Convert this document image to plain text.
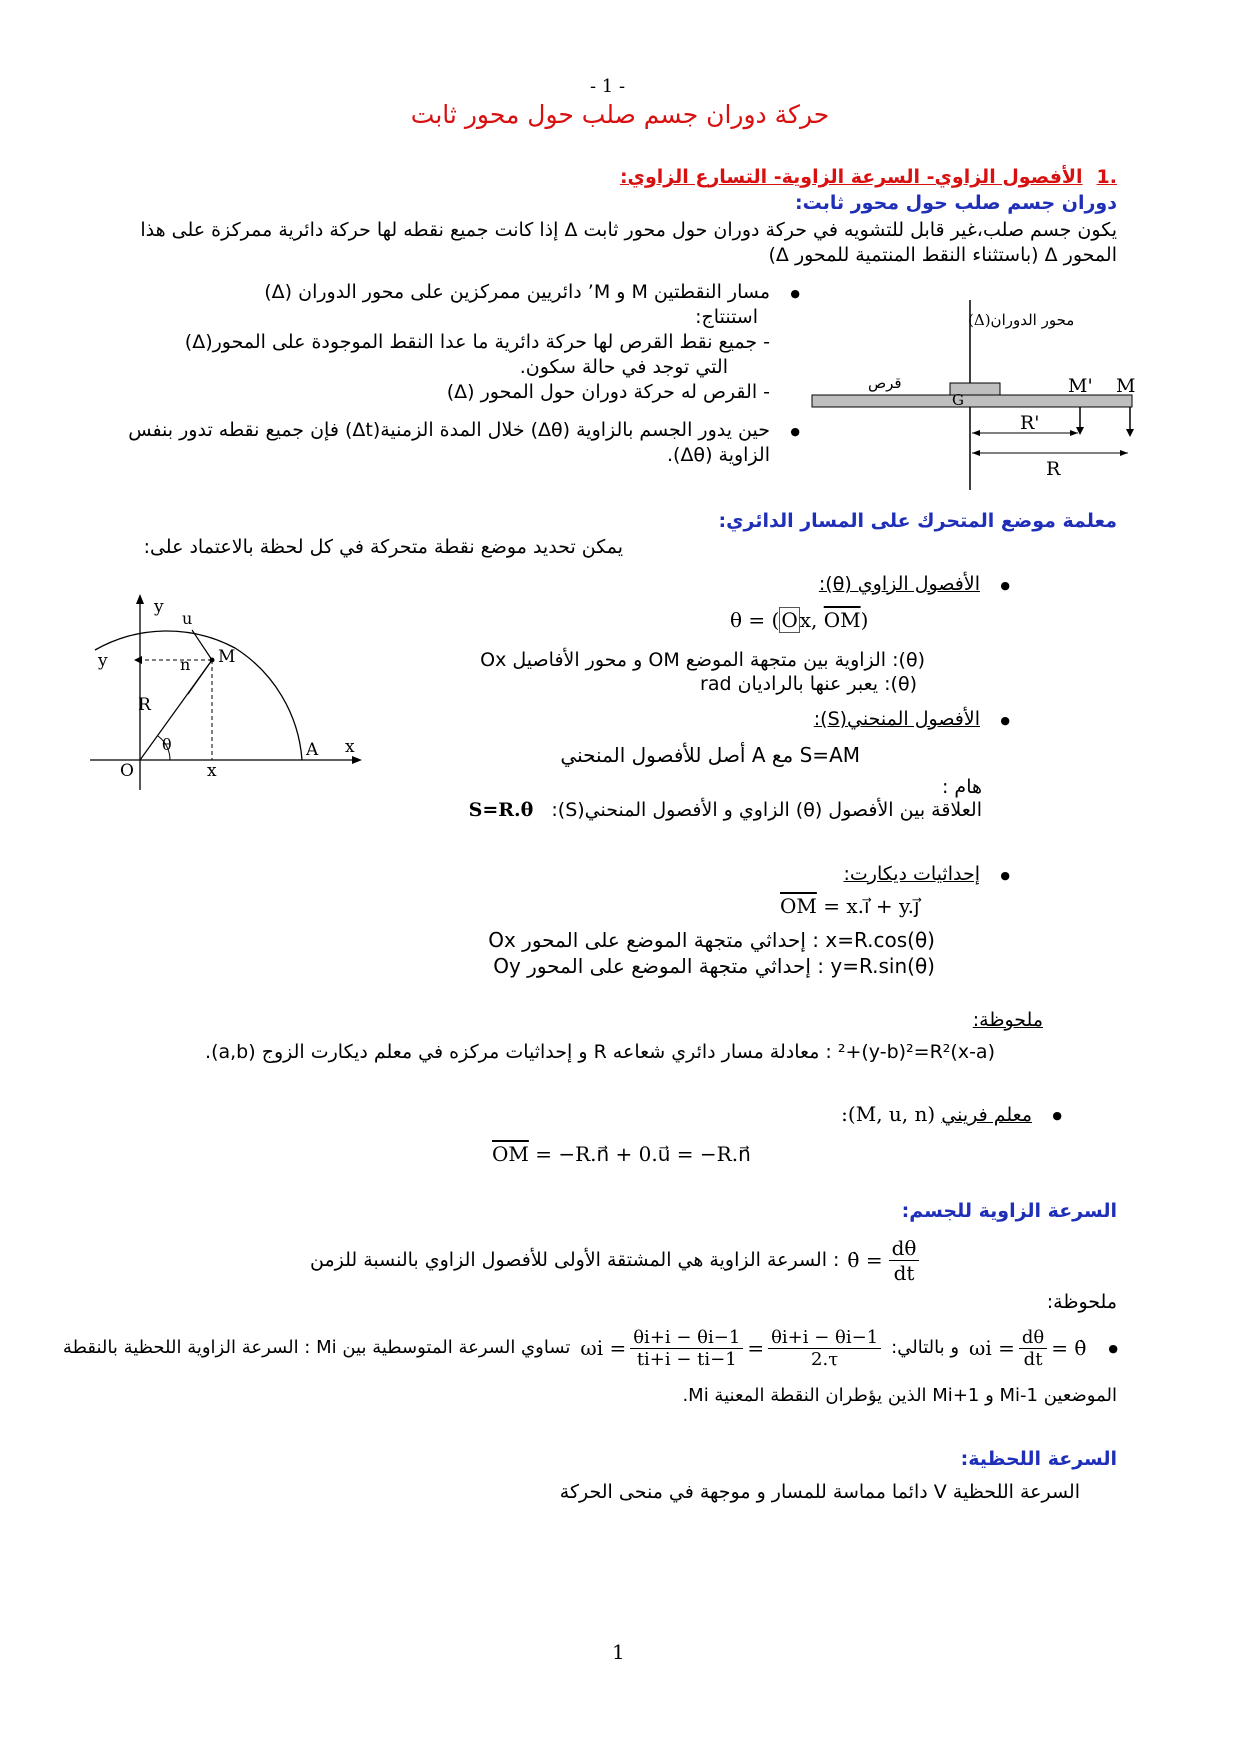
- 1 -
حركة دوران جسم صلب حول محور ثابت
.1الأفصول الزاوي- السرعة الزاوية- التسارع الزاوي:
دوران جسم صلب حول محور ثابت:
يكون جسم صلب،غير قابل للتشويه في حركة دوران حول محور ثابت Δ إذا كانت جميع نقطه لها حركة دائرية ممركزة على هذا
المحور Δ (باستثناء النقط المنتمية للمحور Δ)
● مسار النقطتين M و M’ دائريين ممركزين على محور الدوران (Δ)
استنتاج:
- جميع نقط القرص لها حركة دائرية ما عدا النقط الموجودة على المحور(Δ)
التي توجد في حالة سكون.
- القرص له حركة دوران حول المحور (Δ)
● حين يدور الجسم بالزاوية (Δθ) خلال المدة الزمنية(Δt) فإن جميع نقطه تدور بنفس
الزاوية (Δθ).
محور الدوران(Δ)
قرص
G
M' M
R'
R
معلمة موضع المتحرك على المسار الدائري:
يمكن تحديد موضع نقطة متحركة في كل لحظة بالاعتماد على:
● الأفصول الزاوي (θ):
θ = ( O x, $\overline{OM}$)
(θ): الزاوية بين متجهة الموضع OM و محور الأفاصيل Ox
(θ): يعبر عنها بالراديان rad
● الأفصول المنحني(S):
S=AM مع A أصل للأفصول المنحني
هام :
العلاقة بين الأفصول (θ) الزاوي و الأفصول المنحني(S): S=R.θ
y
x
u
n M
y
R
θ	A
O	x
● إحداثيات ديكارت:
$\overline{OM}$ = x.i⃗ + y.j⃗
x=R.cos(θ) : إحداثي متجهة الموضع على المحور Ox
y=R.sin(θ) : إحداثي متجهة الموضع على المحور Oy
ملحوظة:
(x-a)²+(y-b)²=R² : معادلة مسار دائري شعاعه R و إحداثيات مركزه في معلم ديكارت الزوج (a,b).
● معلم فريني :(M, u, n)
$\overline{OM}$ = −R.n⃗ + 0.u⃗ = −R.n⃗
السرعة الزاوية للجسم:
: السرعة الزاوية هي المشتقة الأولى للأفصول الزاوي بالنسبة للزمن θ̇ = $\frac{d\theta}{dt}$
ملحوظة:
تساوي السرعة المتوسطية بين Mi : السرعة الزاوية اللحظية بالنقطة $\omega i = \frac{\theta i+i - \theta i-1}{ti+i - ti-1} = \frac{\theta i+i - \theta i-1}{2.\tau}$ و بالتالي: $\omega i = \frac{d\theta}{dt}$ = θ̇ ●
الموضعين Mi-1 و Mi+1 الذين يؤطران النقطة المعنية Mi.
السرعة اللحظية:
السرعة اللحظية V دائما مماسة للمسار و موجهة في منحى الحركة
1
